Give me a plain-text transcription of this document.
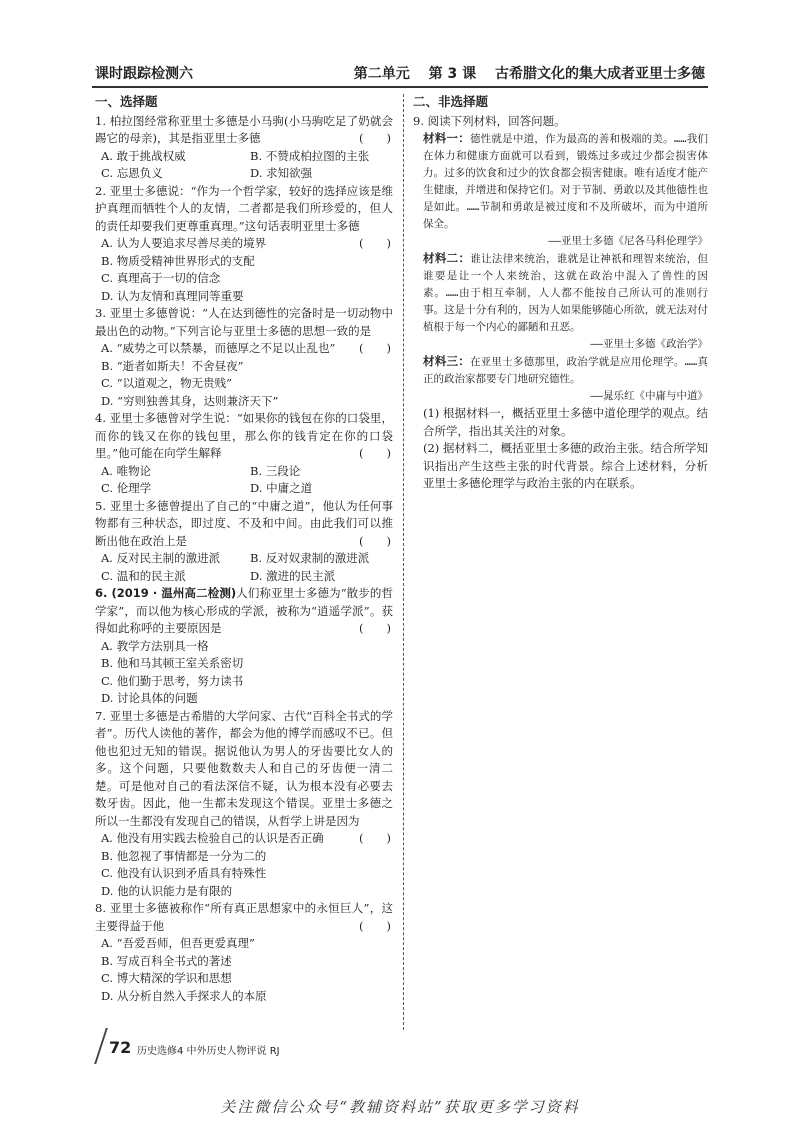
课时跟踪检测六	第二单元 第 3 课 古希腊文化的集大成者亚里士多德
一、选择题
1. 柏拉图经常称亚里士多德是小马驹(小马驹吃足了奶就会踢它的母亲)，其是指亚里士多德	(　　)
A. 敢于挑战权威	B. 不赞成柏拉图的主张
C. 忘恩负义	D. 求知欲强
2. 亚里士多德说：“作为一个哲学家，较好的选择应该是维护真理而牺牲个人的友情，二者都是我们所珍爱的，但人的责任却要我们更尊重真理。”这句话表明亚里士多德
(　　)
A. 认为人要追求尽善尽美的境界
B. 物质受精神世界形式的支配
C. 真理高于一切的信念
D. 认为友情和真理同等重要
3. 亚里士多德曾说：“人在达到德性的完备时是一切动物中最出色的动物。”下列言论与亚里士多德的思想一致的是
(　　)
A. “威势之可以禁暴，而德厚之不足以止乱也”
B. “逝者如斯夫！不舍昼夜”
C. “以道观之，物无贵贱”
D. “穷则独善其身，达则兼济天下”
4. 亚里士多德曾对学生说：“如果你的钱包在你的口袋里，而你的钱又在你的钱包里，那么你的钱肯定在你的口袋里。”他可能在向学生解释	(　　)
A. 唯物论	B. 三段论
C. 伦理学	D. 中庸之道
5. 亚里士多德曾提出了自己的“中庸之道”，他认为任何事物都有三种状态，即过度、不及和中间。由此我们可以推断出他在政治上是	(　　)
A. 反对民主制的激进派	B. 反对奴隶制的激进派
C. 温和的民主派	D. 激进的民主派
6. (2019 · 温州高二检测)人们称亚里士多德为“散步的哲学家”，而以他为核心形成的学派，被称为“逍遥学派”。获得如此称呼的主要原因是	(　　)
A. 教学方法别具一格
B. 他和马其顿王室关系密切
C. 他们勤于思考，努力读书
D. 讨论具体的问题
7. 亚里士多德是古希腊的大学问家、古代“百科全书式的学者”。历代人读他的著作，都会为他的博学而感叹不已。但他也犯过无知的错误。据说他认为男人的牙齿要比女人的多。这个问题，只要他数数夫人和自己的牙齿便一清二楚。可是他对自己的看法深信不疑，认为根本没有必要去数牙齿。因此，他一生都未发现这个错误。亚里士多德之所以一生都没有发现自己的错误，从哲学上讲是因为
(　　)
A. 他没有用实践去检验自己的认识是否正确
B. 他忽视了事情都是一分为二的
C. 他没有认识到矛盾具有特殊性
D. 他的认识能力是有限的
8. 亚里士多德被称作“所有真正思想家中的永恒巨人”，这主要得益于他	(　　)
A. “吾爱吾师，但吾更爱真理”
B. 写成百科全书式的著述
C. 博大精深的学识和思想
D. 从分析自然入手探求人的本原
二、非选择题
9. 阅读下列材料，回答问题。
材料一：德性就是中道，作为最高的善和极端的美。……我们在体力和健康方面就可以看到，锻炼过多或过少都会损害体力。过多的饮食和过少的饮食都会损害健康。唯有适度才能产生健康，并增进和保持它们。对于节制、勇敢以及其他德性也是如此。……节制和勇敢是被过度和不及所破坏，而为中道所保全。
——亚里士多德《尼各马科伦理学》
材料二：谁让法律来统治，谁就是让神祇和理智来统治，但谁要是让一个人来统治，这就在政治中混入了兽性的因素。……由于相互牵制，人人都不能按自己所认可的准则行事。这是十分有利的，因为人如果能够随心所欲，就无法对付植根于每一个内心的鄙陋和丑恶。
——亚里士多德《政治学》
材料三：在亚里士多德那里，政治学就是应用伦理学。……真正的政治家都要专门地研究德性。
——晁乐红《中庸与中道》
(1) 根据材料一，概括亚里士多德中道伦理学的观点。结合所学，指出其关注的对象。
(2) 据材料二，概括亚里士多德的政治主张。结合所学知识指出产生这些主张的时代背景。综合上述材料，分析亚里士多德伦理学与政治主张的内在联系。
72 历史选修4 中外历史人物评说 RJ
关注微信公众号“教辅资料站”获取更多学习资料
